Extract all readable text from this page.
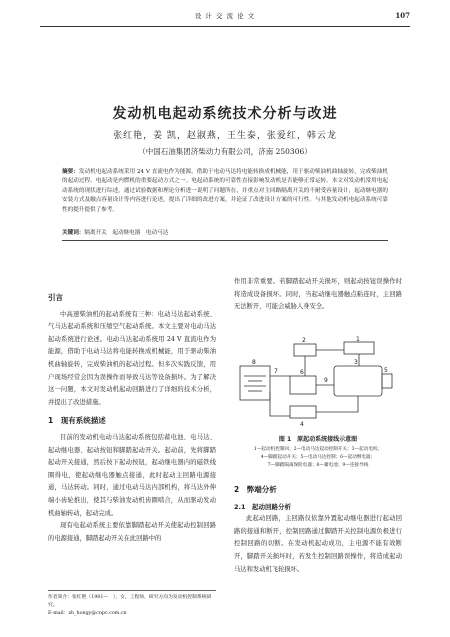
设 计 交 流 论 文	107
发动机电起动系统技术分析与改进
张红艳，姜 凯，赵淑燕，王生泰，张爱红，韩云龙
（中国石油集团济柴动力有限公司，济南 250306）
摘要：发动机电起动系统采用 24 V 直流电作为能源，借助于电动马达将电能转换成机械能，用于驱动柴油机曲轴旋转，完成柴油机的起动过程。电起动是内燃机的重要起动方式之一。电起动系统的可靠性直接影响发动机是否能够正常运转。本文对发动机常用电起动系统的现状进行综述，通过试验数据和理论分析进一说明了问题所在，并重点对主回路隔离开关的不耐受容量设计，起动继电器的安装方式及触点容量设计等内容进行论述，提出了详细的改进方案，并论证了改进设计方案的可行性。与其他发动机电起动系统可靠性的提升提供了参考。
关键词：隔离开关　起动继电器　电动马达
引言

中高速柴油机的起动系统有三种：电动马达起动系统、气马达起动系统和压缩空气起动系统。本文主要对电动马达起动系统进行论述。电动马达起动系统用 24 V 直流电作为能源，借助于电动马达将电能转换成机械能，用于驱动柴油机曲轴旋转，完成柴油机的起动过程。但多次实践反馈，用户现场经常会因为误操作而导致马达等设备损坏。为了解决这一问题，本文对发动机起动回路进行了详细的技术分析，并提出了改进措施。

1　现有系统描述

目前的发动机电动马达起动系统包括蓄电池、电马达、起动继电器、起动按钮和脚踏起动开关。起动前，先将脚踏起动开关接通，然后按下起动按钮，起动继电器内的磁铁线圈得电，使起动继电器触点接通，此时起动主回路电源接通，马达转动。同时，通过电动马达内部机构，将马达外伸端小齿轮推出，使其与柴油发动机齿圈啮合，从而驱动发动机曲轴转动，起动完成。

现有电起动系统主要依靠脚踏起动开关使起动控制回路的电源接通，脚踏起动开关在此回路中的

作者简介：张红艳（1981—　），女，工程师，研究方向为发动机控制系统研究。
E-mail：zh_hongy@cnpc.com.cn
作用非常重要。若脚踏起动开关损坏，则起动按钮误操作时将造成设备损坏。同时，当起动继电器触点粘连时，主回路无法断开，可能会威胁人身安全。
8
6
3
2	1
4
5
7
9
图 1　原起动系统接线示意图
1—起动机控制回；2—电动马达起动控制开关；3—起动电机；
4—脚踏起动开关；5—电动马达控制；6—起动继电器；
7—脚踏隔离保险电器；8—蓄电池；9—连接导线
2　弊端分析
2.1　起动回路分析

此起动回路，主回路仅依靠外置起动继电器进行起动回路的接通和断开，控制回路通过脚踏开关控制电源负极进行控制回路的切断。在发动机起动成功，主电源不能有效断开，脚踏开关损坏时，若发生控制回路误操作，将造成起动马达和发动机飞轮损坏。
